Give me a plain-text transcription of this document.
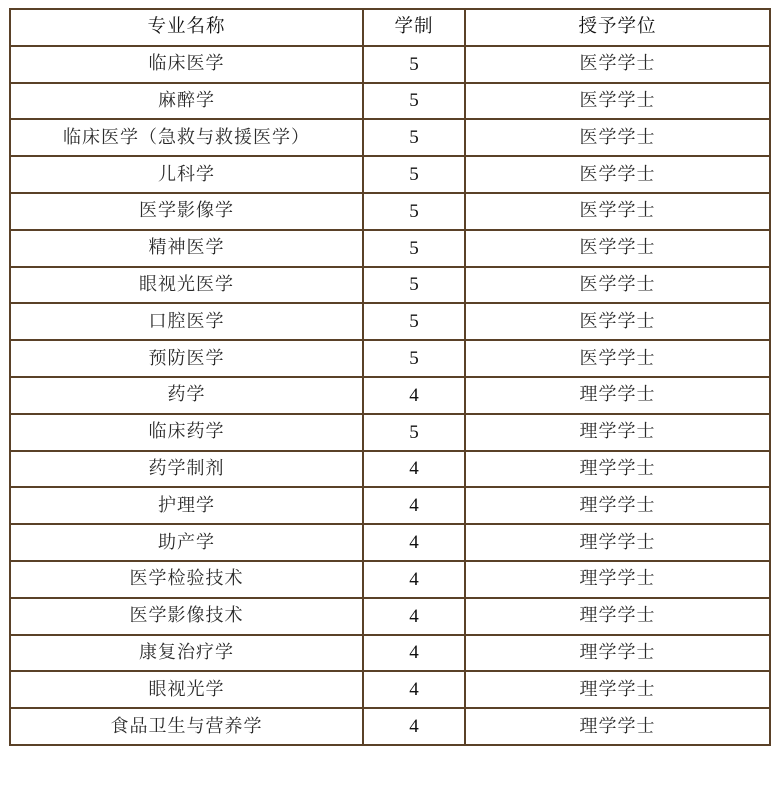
专业名称	学制	授予学位
临床医学	5	医学学士
麻醉学	5	医学学士
临床医学（急救与救援医学）	5	医学学士
儿科学	5	医学学士
医学影像学	5	医学学士
精神医学	5	医学学士
眼视光医学	5	医学学士
口腔医学	5	医学学士
预防医学	5	医学学士
药学	4	理学学士
临床药学	5	理学学士
药学制剂	4	理学学士
护理学	4	理学学士
助产学	4	理学学士
医学检验技术	4	理学学士
医学影像技术	4	理学学士
康复治疗学	4	理学学士
眼视光学	4	理学学士
食品卫生与营养学	4	理学学士
